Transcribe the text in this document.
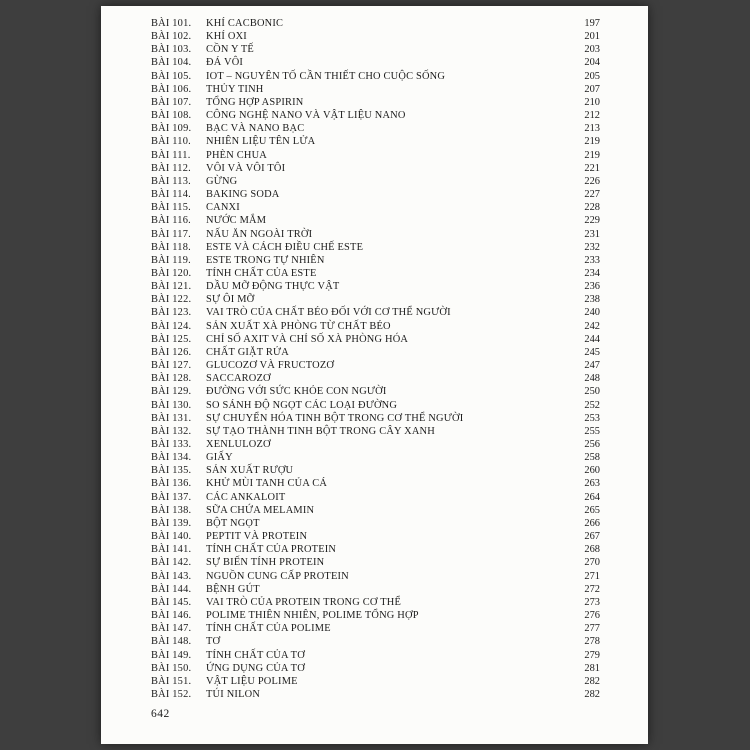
BÀI 101.	KHÍ CACBONIC	197
BÀI 102.	KHÍ OXI	201
BÀI 103.	CỒN Y TẾ	203
BÀI 104.	ĐÁ VÔI	204
BÀI 105.	IOT – NGUYÊN TỐ CẦN THIẾT CHO CUỘC SỐNG	205
BÀI 106.	THỦY TINH	207
BÀI 107.	TỔNG HỢP ASPIRIN	210
BÀI 108.	CÔNG NGHỆ NANO VÀ VẬT LIỆU NANO	212
BÀI 109.	BẠC VÀ NANO BẠC	213
BÀI 110.	NHIÊN LIỆU TÊN LỬA	219
BÀI 111.	PHÈN CHUA	219
BÀI 112.	VÔI VÀ VÔI TÔI	221
BÀI 113.	GỪNG	226
BÀI 114.	BAKING SODA	227
BÀI 115.	CANXI	228
BÀI 116.	NƯỚC MẮM	229
BÀI 117.	NẤU ĂN NGOÀI TRỜI	231
BÀI 118.	ESTE VÀ CÁCH ĐIỀU CHẾ ESTE	232
BÀI 119.	ESTE TRONG TỰ NHIÊN	233
BÀI 120.	TÍNH CHẤT CỦA ESTE	234
BÀI 121.	DẦU MỠ ĐỘNG THỰC VẬT	236
BÀI 122.	SỰ ÔI MỠ	238
BÀI 123.	VAI TRÒ CỦA CHẤT BÉO ĐỐI VỚI CƠ THỂ NGƯỜI	240
BÀI 124.	SẢN XUẤT XÀ PHÒNG TỪ CHẤT BÉO	242
BÀI 125.	CHỈ SỐ AXIT VÀ CHỈ SỐ XÀ PHÒNG HÓA	244
BÀI 126.	CHẤT GIẶT RỬA	245
BÀI 127.	GLUCOZƠ VÀ FRUCTOZƠ	247
BÀI 128.	SACCAROZƠ	248
BÀI 129.	ĐƯỜNG VỚI SỨC KHỎE CON NGƯỜI	250
BÀI 130.	SO SÁNH ĐỘ NGỌT CÁC LOẠI ĐƯỜNG	252
BÀI 131.	SỰ CHUYỂN HÓA TINH BỘT TRONG CƠ THỂ NGƯỜI	253
BÀI 132.	SỰ TẠO THÀNH TINH BỘT TRONG CÂY XANH	255
BÀI 133.	XENLULOZƠ	256
BÀI 134.	GIẤY	258
BÀI 135.	SẢN XUẤT RƯỢU	260
BÀI 136.	KHỬ MÙI TANH CỦA CÁ	263
BÀI 137.	CÁC ANKALOIT	264
BÀI 138.	SỮA CHỨA MELAMIN	265
BÀI 139.	BỘT NGỌT	266
BÀI 140.	PEPTIT VÀ PROTEIN	267
BÀI 141.	TÍNH CHẤT CỦA PROTEIN	268
BÀI 142.	SỰ BIẾN TÍNH PROTEIN	270
BÀI 143.	NGUỒN CUNG CẤP PROTEIN	271
BÀI 144.	BỆNH GÚT	272
BÀI 145.	VAI TRÒ CỦA PROTEIN TRONG CƠ THỂ	273
BÀI 146.	POLIME THIÊN NHIÊN, POLIME TỔNG HỢP	276
BÀI 147.	TÍNH CHẤT CỦA POLIME	277
BÀI 148.	TƠ	278
BÀI 149.	TÍNH CHẤT CỦA TƠ	279
BÀI 150.	ỨNG DỤNG CỦA TƠ	281
BÀI 151.	VẬT LIỆU POLIME	282
BÀI 152.	TÚI NILON	282
642
